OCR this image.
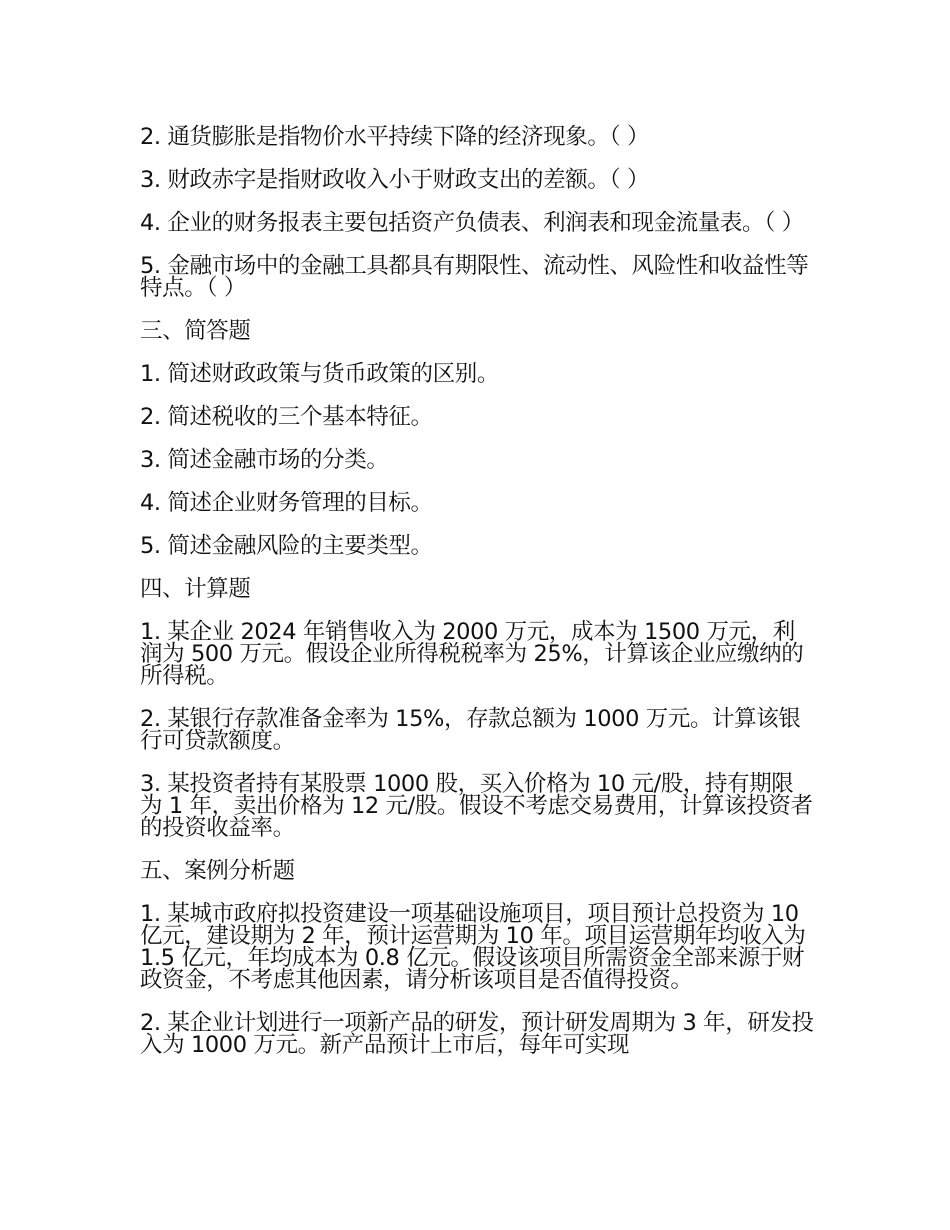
2. 通货膨胀是指物价水平持续下降的经济现象。（ ）

3. 财政赤字是指财政收入小于财政支出的差额。（ ）

4. 企业的财务报表主要包括资产负债表、利润表和现金流量表。（ ）

5. 金融市场中的金融工具都具有期限性、流动性、风险性和收益性等特点。（ ）

三、简答题

1. 简述财政政策与货币政策的区别。

2. 简述税收的三个基本特征。

3. 简述金融市场的分类。

4. 简述企业财务管理的目标。

5. 简述金融风险的主要类型。

四、计算题

1. 某企业 2024 年销售收入为 2000 万元，成本为 1500 万元，利润为 500 万元。假设企业所得税税率为 25%，计算该企业应缴纳的所得税。

2. 某银行存款准备金率为 15%，存款总额为 1000 万元。计算该银行可贷款额度。

3. 某投资者持有某股票 1000 股，买入价格为 10 元/股，持有期限为 1 年，卖出价格为 12 元/股。假设不考虑交易费用，计算该投资者的投资收益率。

五、案例分析题

1. 某城市政府拟投资建设一项基础设施项目，项目预计总投资为 10 亿元，建设期为 2 年，预计运营期为 10 年。项目运营期年均收入为 1.5 亿元，年均成本为 0.8 亿元。假设该项目所需资金全部来源于财政资金，不考虑其他因素，请分析该项目是否值得投资。

2. 某企业计划进行一项新产品的研发，预计研发周期为 3 年，研发投入为 1000 万元。新产品预计上市后，每年可实现
